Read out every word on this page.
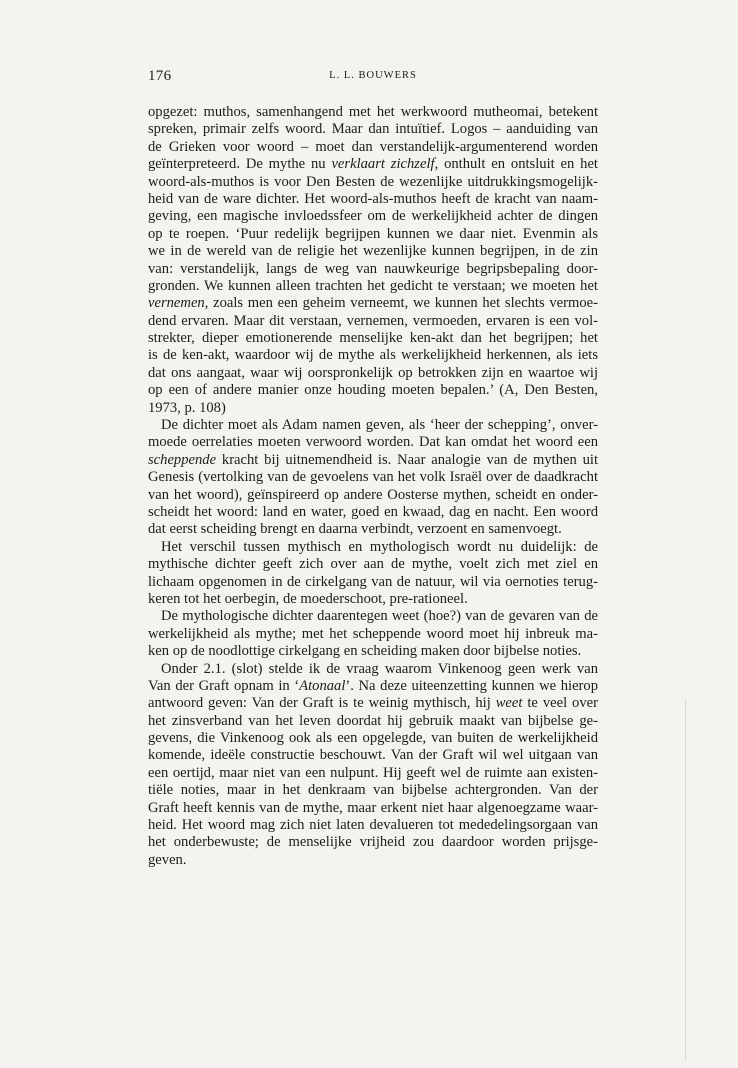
176	L. L. BOUWERS
opgezet: muthos, samenhangend met het werkwoord mutheomai, betekent
spreken, primair zelfs woord. Maar dan intuïtief. Logos – aanduiding van
de Grieken voor woord – moet dan verstandelijk-argumenterend worden
geïnterpreteerd. De mythe nu verklaart zichzelf, onthult en ontsluit en het
woord-als-muthos is voor Den Besten de wezenlijke uitdrukkingsmogelijk-
heid van de ware dichter. Het woord-als-muthos heeft de kracht van naam-
geving, een magische invloedssfeer om de werkelijkheid achter de dingen
op te roepen. ‘Puur redelijk begrijpen kunnen we daar niet. Evenmin als
we in de wereld van de religie het wezenlijke kunnen begrijpen, in de zin
van: verstandelijk, langs de weg van nauwkeurige begripsbepaling door-
gronden. We kunnen alleen trachten het gedicht te verstaan; we moeten het
vernemen, zoals men een geheim verneemt, we kunnen het slechts vermoe-
dend ervaren. Maar dit verstaan, vernemen, vermoeden, ervaren is een vol-
strekter, dieper emotionerende menselijke ken-akt dan het begrijpen; het
is de ken-akt, waardoor wij de mythe als werkelijkheid herkennen, als iets
dat ons aangaat, waar wij oorspronkelijk op betrokken zijn en waartoe wij
op een of andere manier onze houding moeten bepalen.’ (A, Den Besten,
1973, p. 108)
De dichter moet als Adam namen geven, als ‘heer der schepping’, onver-
moede oerrelaties moeten verwoord worden. Dat kan omdat het woord een
scheppende kracht bij uitnemendheid is. Naar analogie van de mythen uit
Genesis (vertolking van de gevoelens van het volk Israël over de daadkracht
van het woord), geïnspireerd op andere Oosterse mythen, scheidt en onder-
scheidt het woord: land en water, goed en kwaad, dag en nacht. Een woord
dat eerst scheiding brengt en daarna verbindt, verzoent en samenvoegt.
Het verschil tussen mythisch en mythologisch wordt nu duidelijk: de
mythische dichter geeft zich over aan de mythe, voelt zich met ziel en
lichaam opgenomen in de cirkelgang van de natuur, wil via oernoties terug-
keren tot het oerbegin, de moederschoot, pre-rationeel.
De mythologische dichter daarentegen weet (hoe?) van de gevaren van de
werkelijkheid als mythe; met het scheppende woord moet hij inbreuk ma-
ken op de noodlottige cirkelgang en scheiding maken door bijbelse noties.
Onder 2.1. (slot) stelde ik de vraag waarom Vinkenoog geen werk van
Van der Graft opnam in ‘Atonaal’. Na deze uiteenzetting kunnen we hierop
antwoord geven: Van der Graft is te weinig mythisch, hij weet te veel over
het zinsverband van het leven doordat hij gebruik maakt van bijbelse ge-
gevens, die Vinkenoog ook als een opgelegde, van buiten de werkelijkheid
komende, ideële constructie beschouwt. Van der Graft wil wel uitgaan van
een oertijd, maar niet van een nulpunt. Hij geeft wel de ruimte aan existen-
tiële noties, maar in het denkraam van bijbelse achtergronden. Van der
Graft heeft kennis van de mythe, maar erkent niet haar algenoegzame waar-
heid. Het woord mag zich niet laten devalueren tot mededelingsorgaan van
het onderbewuste; de menselijke vrijheid zou daardoor worden prijsge-
geven.
